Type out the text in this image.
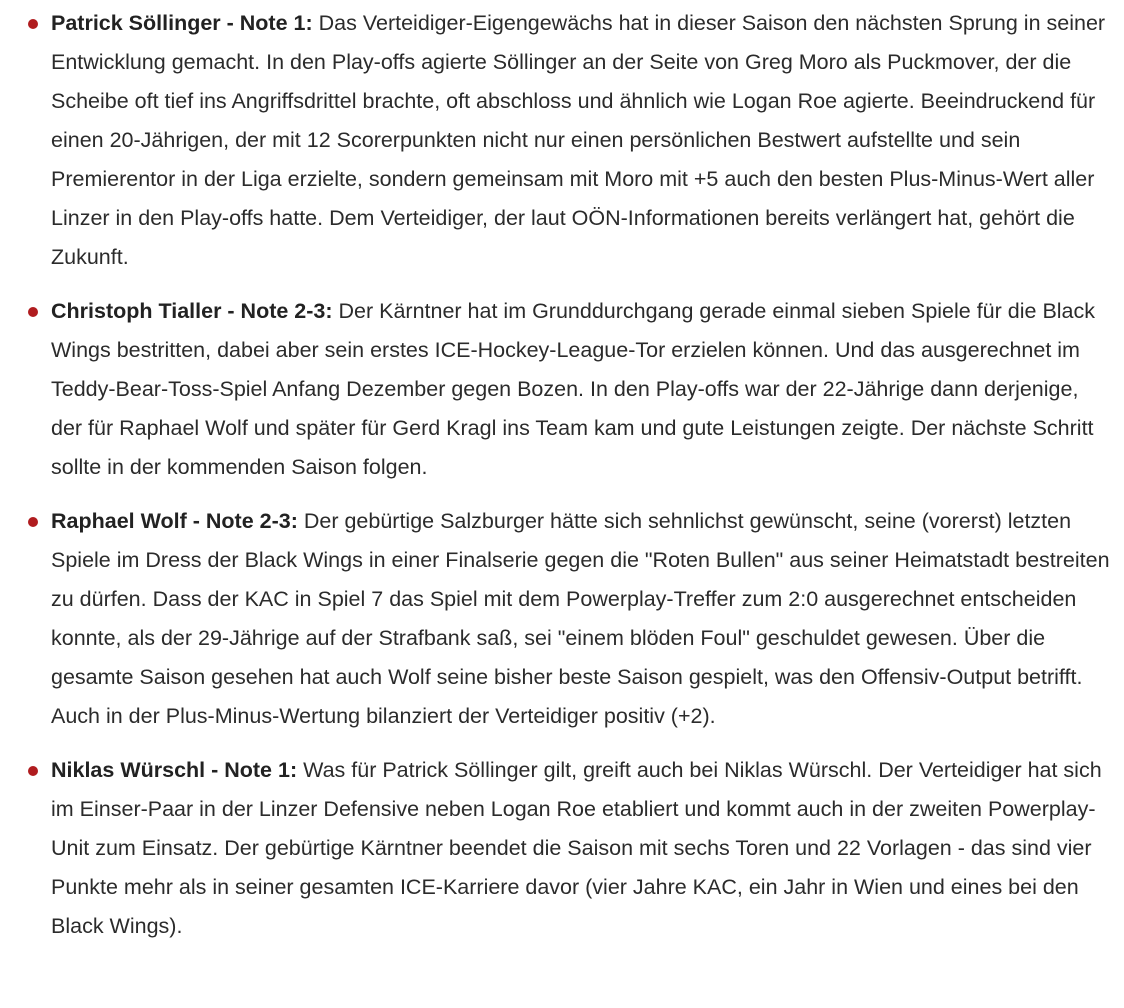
Patrick Söllinger - Note 1: Das Verteidiger-Eigengewächs hat in dieser Saison den nächsten Sprung in seiner Entwicklung gemacht. In den Play-offs agierte Söllinger an der Seite von Greg Moro als Puckmover, der die Scheibe oft tief ins Angriffsdrittel brachte, oft abschloss und ähnlich wie Logan Roe agierte. Beeindruckend für einen 20-Jährigen, der mit 12 Scorerpunkten nicht nur einen persönlichen Bestwert aufstellte und sein Premierentor in der Liga erzielte, sondern gemeinsam mit Moro mit +5 auch den besten Plus-Minus-Wert aller Linzer in den Play-offs hatte. Dem Verteidiger, der laut OÖN-Informationen bereits verlängert hat, gehört die Zukunft.
Christoph Tialler - Note 2-3: Der Kärntner hat im Grunddurchgang gerade einmal sieben Spiele für die Black Wings bestritten, dabei aber sein erstes ICE-Hockey-League-Tor erzielen können. Und das ausgerechnet im Teddy-Bear-Toss-Spiel Anfang Dezember gegen Bozen. In den Play-offs war der 22-Jährige dann derjenige, der für Raphael Wolf und später für Gerd Kragl ins Team kam und gute Leistungen zeigte. Der nächste Schritt sollte in der kommenden Saison folgen.
Raphael Wolf - Note 2-3: Der gebürtige Salzburger hätte sich sehnlichst gewünscht, seine (vorerst) letzten Spiele im Dress der Black Wings in einer Finalserie gegen die "Roten Bullen" aus seiner Heimatstadt bestreiten zu dürfen. Dass der KAC in Spiel 7 das Spiel mit dem Powerplay-Treffer zum 2:0 ausgerechnet entscheiden konnte, als der 29-Jährige auf der Strafbank saß, sei "einem blöden Foul" geschuldet gewesen. Über die gesamte Saison gesehen hat auch Wolf seine bisher beste Saison gespielt, was den Offensiv-Output betrifft. Auch in der Plus-Minus-Wertung bilanziert der Verteidiger positiv (+2).
Niklas Würschl - Note 1: Was für Patrick Söllinger gilt, greift auch bei Niklas Würschl. Der Verteidiger hat sich im Einser-Paar in der Linzer Defensive neben Logan Roe etabliert und kommt auch in der zweiten Powerplay-Unit zum Einsatz. Der gebürtige Kärntner beendet die Saison mit sechs Toren und 22 Vorlagen - das sind vier Punkte mehr als in seiner gesamten ICE-Karriere davor (vier Jahre KAC, ein Jahr in Wien und eines bei den Black Wings).
